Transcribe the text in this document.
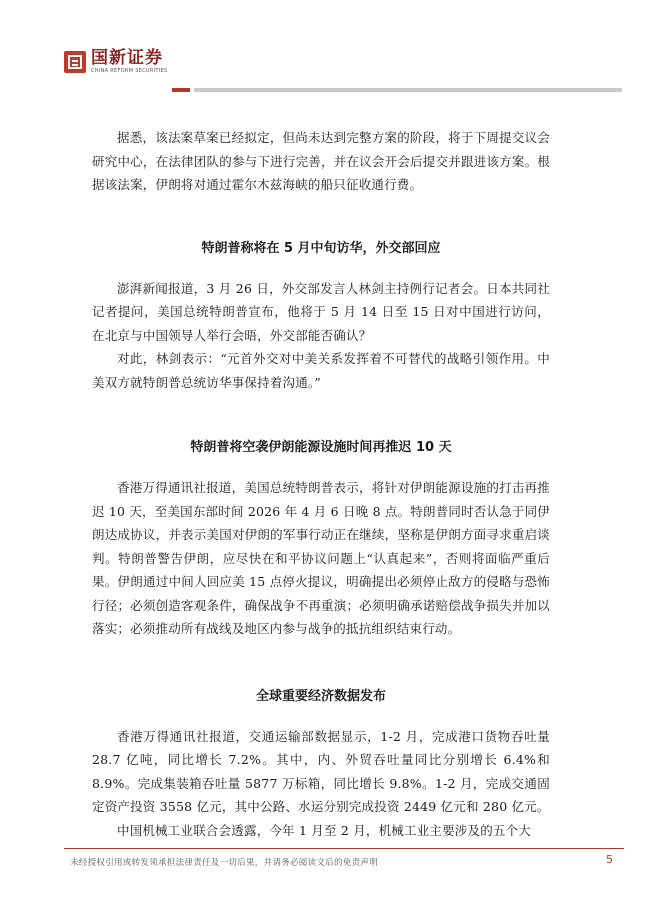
国新证券
CHINA REFORM SECURITIES

据悉，该法案草案已经拟定，但尚未达到完整方案的阶段，将于下周提交议会研究中心，在法律团队的参与下进行完善，并在议会开会后提交并跟进该方案。根据该法案，伊朗将对通过霍尔木兹海峡的船只征收通行费。

特朗普称将在 5 月中旬访华，外交部回应

澎湃新闻报道，3 月 26 日，外交部发言人林剑主持例行记者会。日本共同社记者提问，美国总统特朗普宣布，他将于 5 月 14 日至 15 日对中国进行访问，在北京与中国领导人举行会晤，外交部能否确认？

对此，林剑表示：“元首外交对中美关系发挥着不可替代的战略引领作用。中美双方就特朗普总统访华事保持着沟通。”

特朗普将空袭伊朗能源设施时间再推迟 10 天

香港万得通讯社报道，美国总统特朗普表示，将针对伊朗能源设施的打击再推迟 10 天，至美国东部时间 2026 年 4 月 6 日晚 8 点。特朗普同时否认急于同伊朗达成协议，并表示美国对伊朗的军事行动正在继续，坚称是伊朗方面寻求重启谈判。特朗普警告伊朗，应尽快在和平协议问题上“认真起来”，否则将面临严重后果。伊朗通过中间人回应美 15 点停火提议，明确提出必须停止敌方的侵略与恐怖行径；必须创造客观条件，确保战争不再重演；必须明确承诺赔偿战争损失并加以落实；必须推动所有战线及地区内参与战争的抵抗组织结束行动。

全球重要经济数据发布

香港万得通讯社报道，交通运输部数据显示，1-2 月，完成港口货物吞吐量 28.7 亿吨，同比增长 7.2%。其中，内、外贸吞吐量同比分别增长 6.4%和 8.9%。完成集装箱吞吐量 5877 万标箱，同比增长 9.8%。1-2 月，完成交通固定资产投资 3558 亿元，其中公路、水运分别完成投资 2449 亿元和 280 亿元。

中国机械工业联合会透露，今年 1 月至 2 月，机械工业主要涉及的五个大

未经授权引用或转发须承担法律责任及一切后果，并请务必阅读文后的免责声明	5
